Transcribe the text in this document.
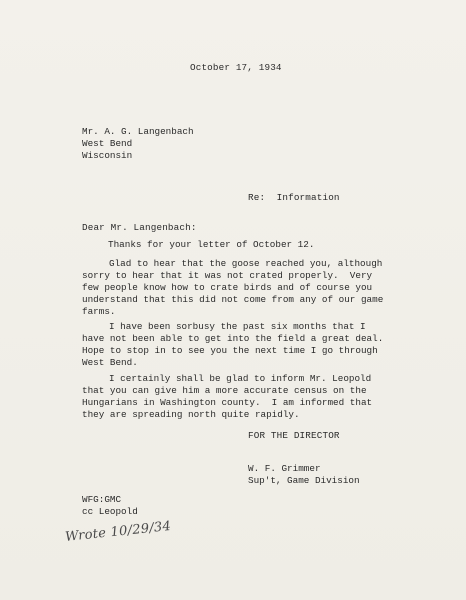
October 17, 1934
Mr. A. G. Langenbach
West Bend
Wisconsin
Re:  Information
Dear Mr. Langenbach:
Thanks for your letter of October 12.
Glad to hear that the goose reached you, although
sorry to hear that it was not crated properly.  Very
few people know how to crate birds and of course you
understand that this did not come from any of our game
farms.
I have been sorbusy the past six months that I
have not been able to get into the field a great deal.
Hope to stop in to see you the next time I go through
West Bend.
I certainly shall be glad to inform Mr. Leopold
that you can give him a more accurate census on the
Hungarians in Washington county.  I am informed that
they are spreading north quite rapidly.
FOR THE DIRECTOR
W. F. Grimmer
Sup't, Game Division
WFG:GMC
cc Leopold
Wrote 10/29/34
